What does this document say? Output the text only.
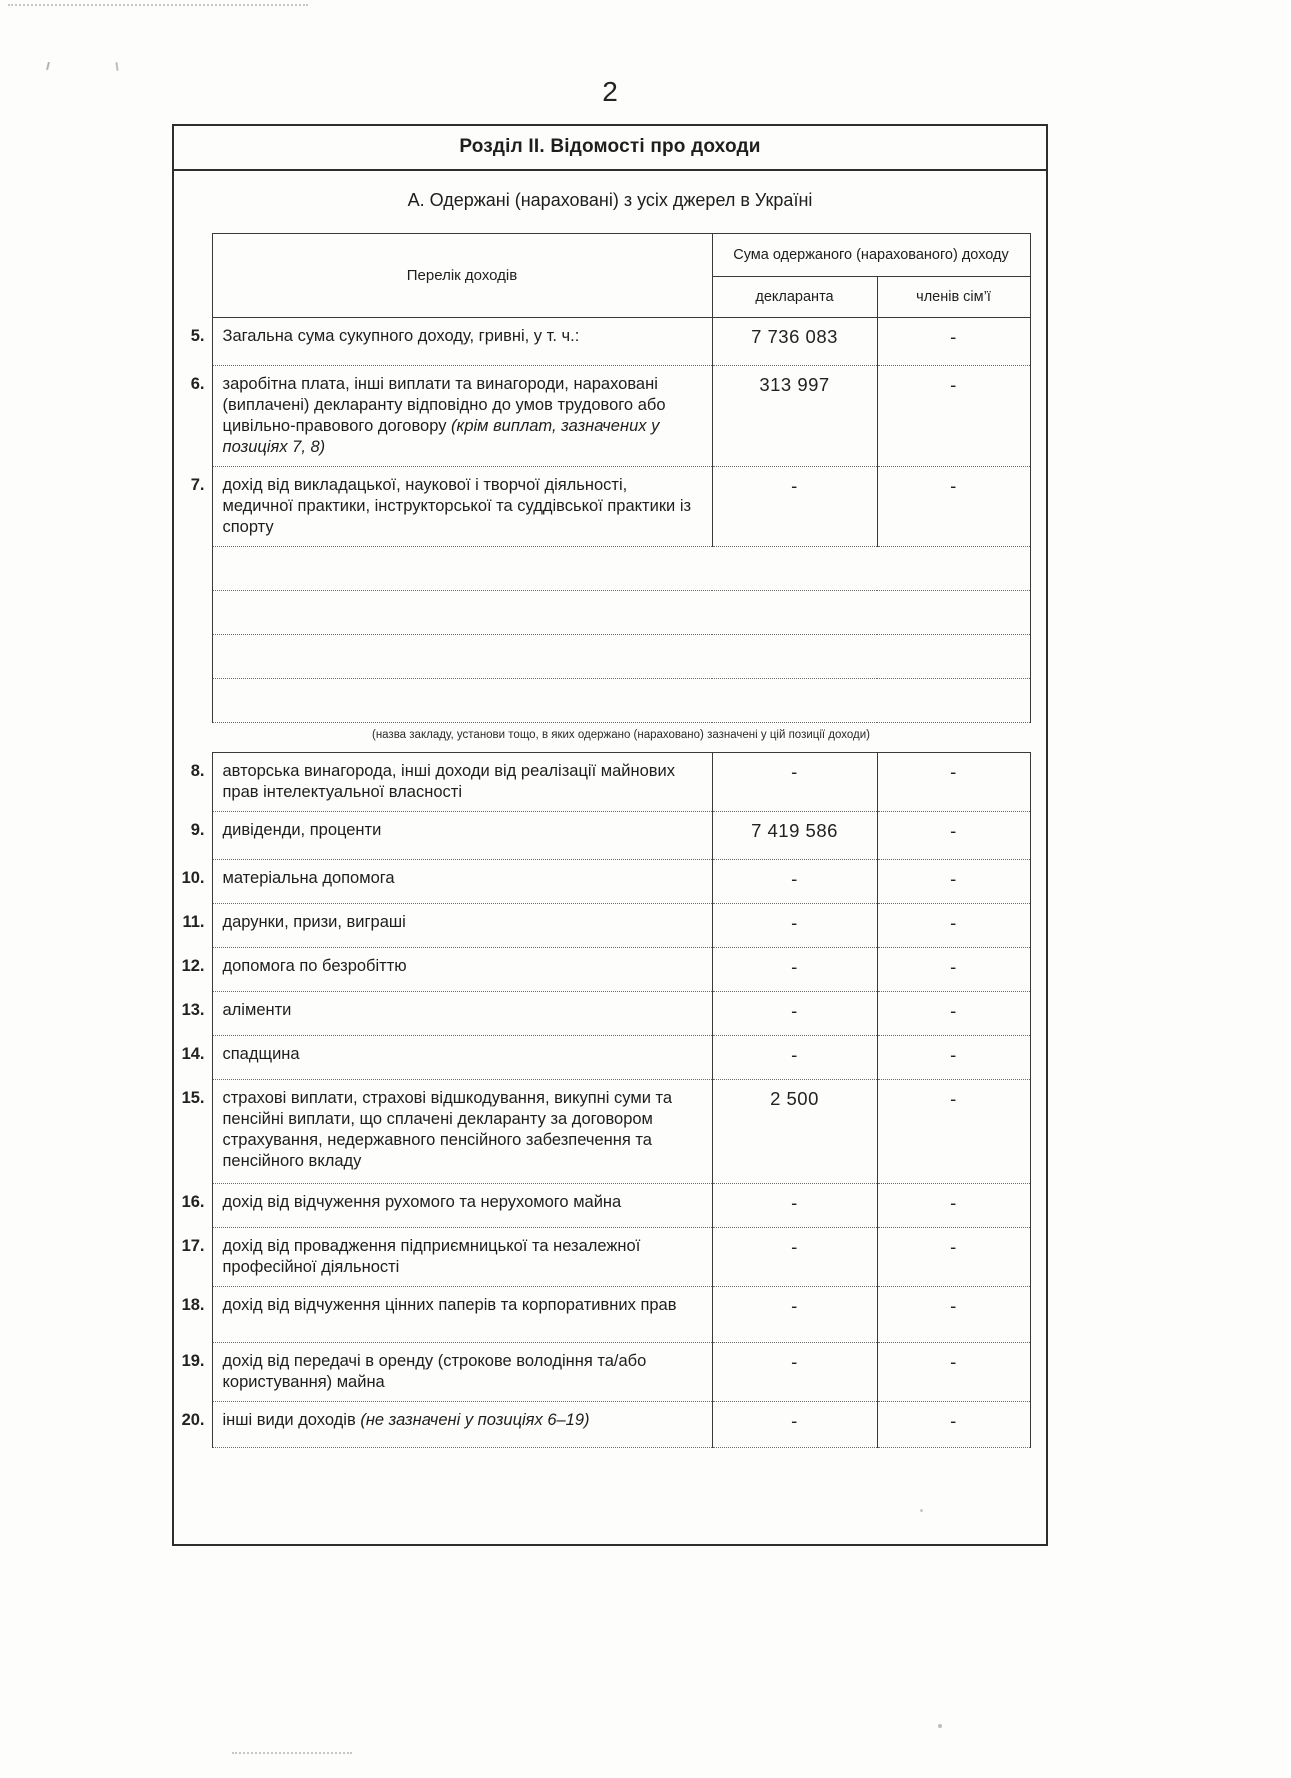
2
Розділ ІІ. Відомості про доходи
А. Одержані (нараховані) з усіх джерел в Україні
	Перелік доходів	Сума одержаного (нарахованого) доходу	
		декларанта	членів сім’ї
5.	Загальна сума сукупного доходу, гривні, у т. ч.:	7 736 083	-
6.	заробітна плата, інші виплати та винагороди, нараховані (виплачені) декларанту відповідно до умов трудового або цивільно-правового договору (крім виплат, зазначених у позиціях 7, 8)	313 997	-
7.	дохід від викладацької, наукової і творчої діяльності, медичної практики, інструкторської та суддівської практики із спорту	-	-

(назва закладу, установи тощо, в яких одержано (нараховано) зазначені у цій позиції доходи)
8.	авторська винагорода, інші доходи від реалізації майнових прав інтелектуальної власності	-	-
9.	дивіденди, проценти	7 419 586	-
10.	матеріальна допомога	-	-
11.	дарунки, призи, виграші	-	-
12.	допомога по безробіттю	-	-
13.	аліменти	-	-
14.	спадщина	-	-
15.	страхові виплати, страхові відшкодування, викупні суми та пенсійні виплати, що сплачені декларанту за договором страхування, недержавного пенсійного забезпечення та пенсійного вкладу	2 500	-
16.	дохід від відчуження рухомого та нерухомого майна	-	-
17.	дохід від провадження підприємницької та незалежної професійної діяльності	-	-
18.	дохід від відчуження цінних паперів та корпоративних прав	-	-
19.	дохід від передачі в оренду (строкове володіння та/або користування) майна	-	-
20.	інші види доходів (не зазначені у позиціях 6–19)	-	-
